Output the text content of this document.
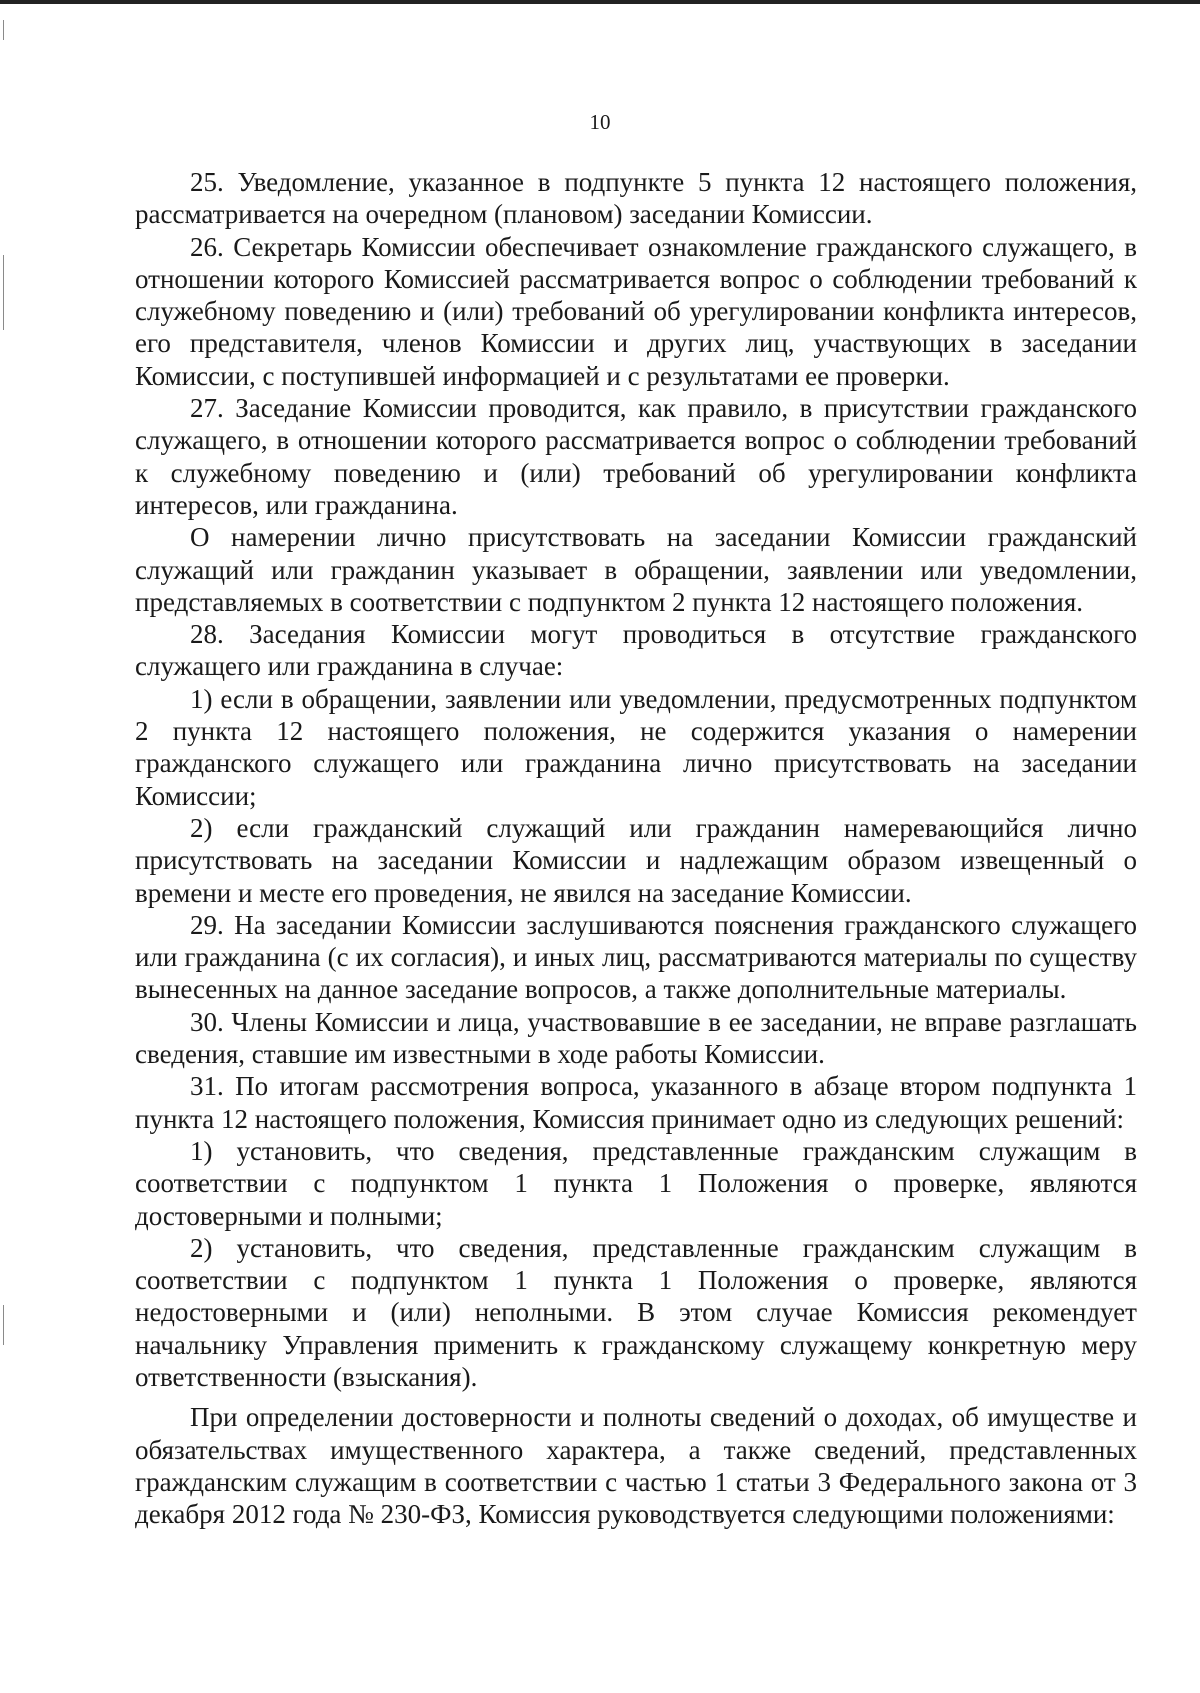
10

25. Уведомление, указанное в подпункте 5 пункта 12 настоящего положения, рассматривается на очередном (плановом) заседании Комиссии.

26. Секретарь Комиссии обеспечивает ознакомление гражданского служащего, в отношении которого Комиссией рассматривается вопрос о соблюдении требований к служебному поведению и (или) требований об урегулировании конфликта интересов, его представителя, членов Комиссии и других лиц, участвующих в заседании Комиссии, с поступившей информацией и с результатами ее проверки.

27. Заседание Комиссии проводится, как правило, в присутствии гражданского служащего, в отношении которого рассматривается вопрос о соблюдении требований к служебному поведению и (или) требований об урегулировании конфликта интересов, или гражданина.

О намерении лично присутствовать на заседании Комиссии гражданский служащий или гражданин указывает в обращении, заявлении или уведомлении, представляемых в соответствии с подпунктом 2 пункта 12 настоящего положения.

28. Заседания Комиссии могут проводиться в отсутствие гражданского служащего или гражданина в случае:

1) если в обращении, заявлении или уведомлении, предусмотренных подпунктом 2 пункта 12 настоящего положения, не содержится указания о намерении гражданского служащего или гражданина лично присутствовать на заседании Комиссии;

2) если гражданский служащий или гражданин намеревающийся лично присутствовать на заседании Комиссии и надлежащим образом извещенный о времени и месте его проведения, не явился на заседание Комиссии.

29. На заседании Комиссии заслушиваются пояснения гражданского служащего или гражданина (с их согласия), и иных лиц, рассматриваются материалы по существу вынесенных на данное заседание вопросов, а также дополнительные материалы.

30. Члены Комиссии и лица, участвовавшие в ее заседании, не вправе разглашать сведения, ставшие им известными в ходе работы Комиссии.

31. По итогам рассмотрения вопроса, указанного в абзаце втором подпункта 1 пункта 12 настоящего положения, Комиссия принимает одно из следующих решений:

1) установить, что сведения, представленные гражданским служащим в соответствии с подпунктом 1 пункта 1 Положения о проверке, являются достоверными и полными;

2) установить, что сведения, представленные гражданским служащим в соответствии с подпунктом 1 пункта 1 Положения о проверке, являются недостоверными и (или) неполными. В этом случае Комиссия рекомендует начальнику Управления применить к гражданскому служащему конкретную меру ответственности (взыскания).

При определении достоверности и полноты сведений о доходах, об имуществе и обязательствах имущественного характера, а также сведений, представленных гражданским служащим в соответствии с частью 1 статьи 3 Федерального закона от 3 декабря 2012 года № 230-ФЗ, Комиссия руководствуется следующими положениями:
